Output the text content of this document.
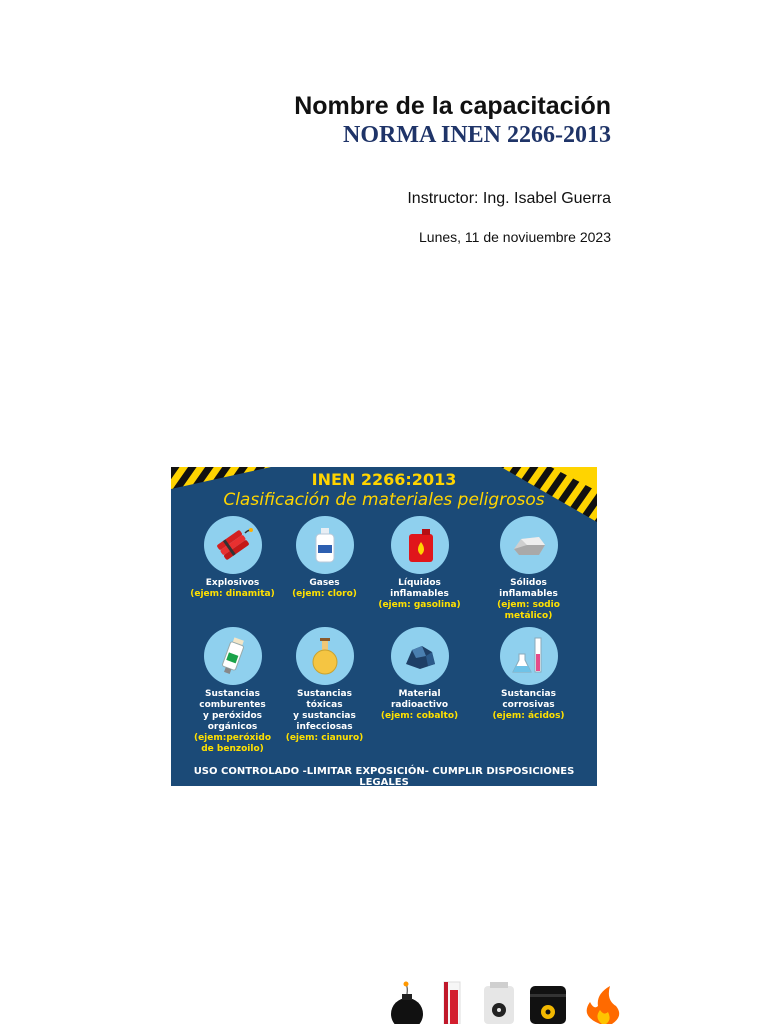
Nombre de la capacitación
NORMA INEN 2266-2013
Instructor: Ing. Isabel Guerra
Lunes, 11 de noviuembre 2023
INEN 2266:2013
Clasificación de materiales peligrosos
Explosivos
(ejem: dinamita)
Gases
(ejem: cloro)
Líquidos
inflamables
(ejem: gasolina)
Sólidos
inflamables
(ejem: sodio metálico)
Sustancias
comburentes
y peróxidos
orgánicos
(ejem:peróxido
de benzoilo)
Sustancias
tóxicas
y sustancias
infecciosas
(ejem: cianuro)
Material
radioactivo
(ejem: cobalto)
Sustancias
corrosivas
(ejem: ácidos)
USO CONTROLADO -LIMITAR EXPOSICIÓN- CUMPLIR DISPOSICIONES LEGALES
